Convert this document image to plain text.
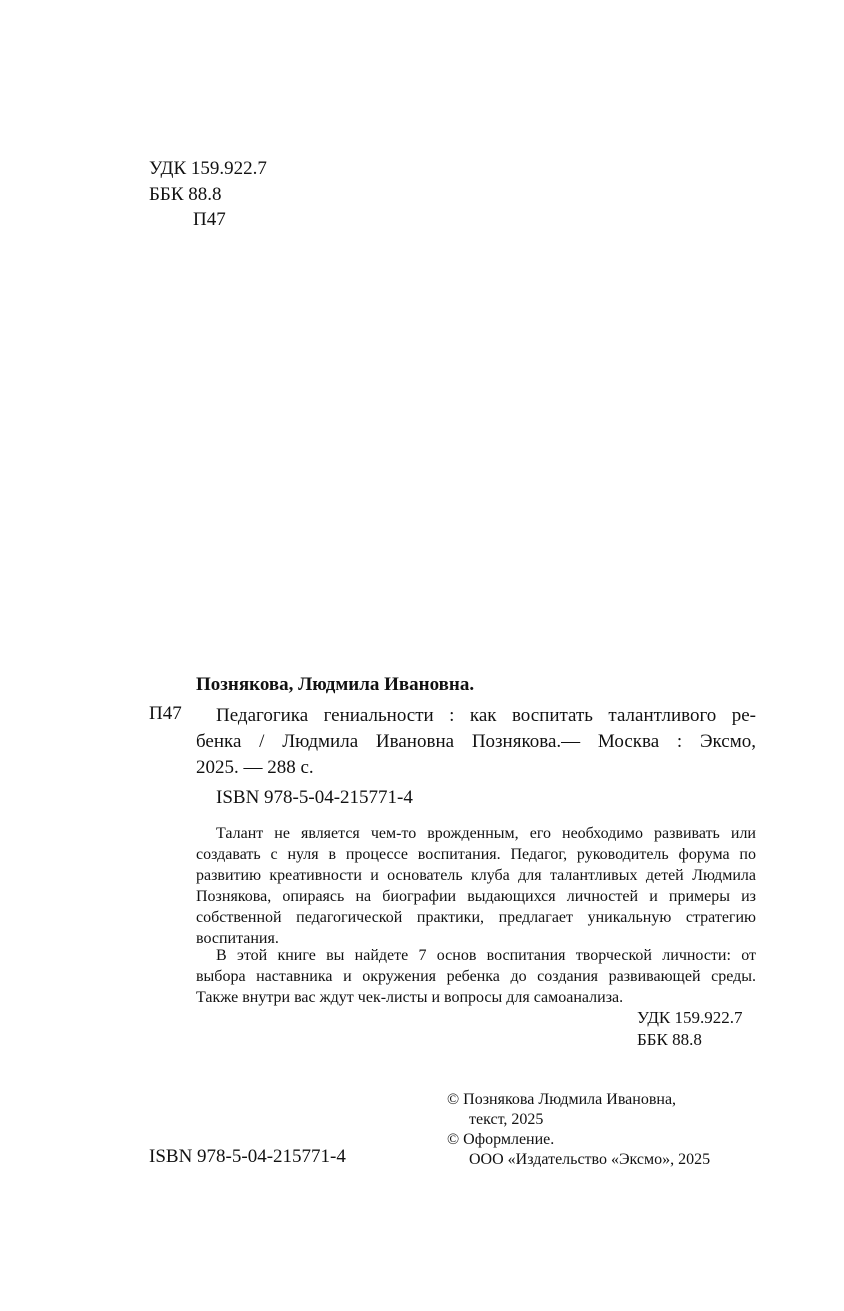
УДК 159.922.7
ББК 88.8
П47
Познякова, Людмила Ивановна.
П47 Педагогика гениальности : как воспитать талантливого ре-
бенка / Людмила Ивановна Познякова.— Москва : Эксмо,
2025. — 288 с.
ISBN 978-5-04-215771-4
Талант не является чем-то врожденным, его необходимо развивать или
создавать с нуля в процессе воспитания. Педагог, руководитель форума по
развитию креативности и основатель клуба для талантливых детей Людмила
Познякова, опираясь на биографии выдающихся личностей и примеры из
собственной педагогической практики, предлагает уникальную стратегию
воспитания.
В этой книге вы найдете 7 основ воспитания творческой личности: от
выбора наставника и окружения ребенка до создания развивающей среды.
Также внутри вас ждут чек-листы и вопросы для самоанализа.
УДК 159.922.7
ББК 88.8
© Познякова Людмила Ивановна,
текст, 2025
© Оформление.
ООО «Издательство «Эксмо», 2025
ISBN 978-5-04-215771-4
